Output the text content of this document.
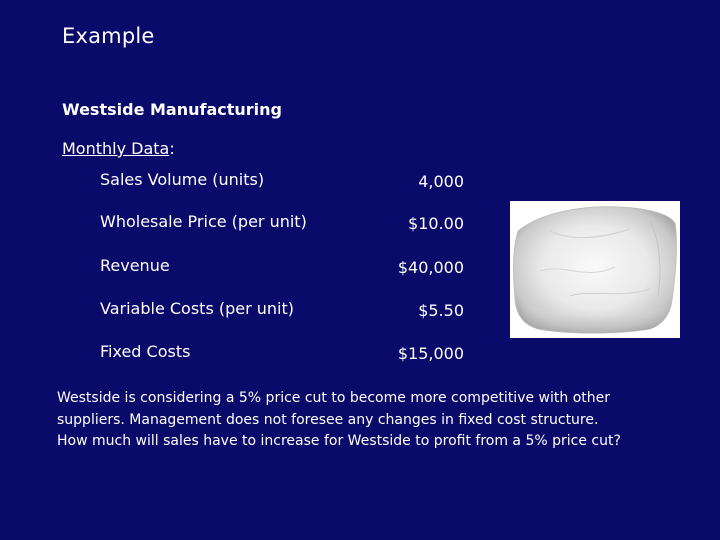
Example
Westside Manufacturing
Monthly Data:
Sales Volume (units)	4,000
Wholesale Price (per unit)	$10.00
Revenue	$40,000
Variable Costs (per unit)	$5.50
Fixed Costs	$15,000
Westside is considering a 5% price cut to become more competitive with other
suppliers. Management does not foresee any changes in fixed cost structure.
How much will sales have to increase for Westside to profit from a 5% price cut?
